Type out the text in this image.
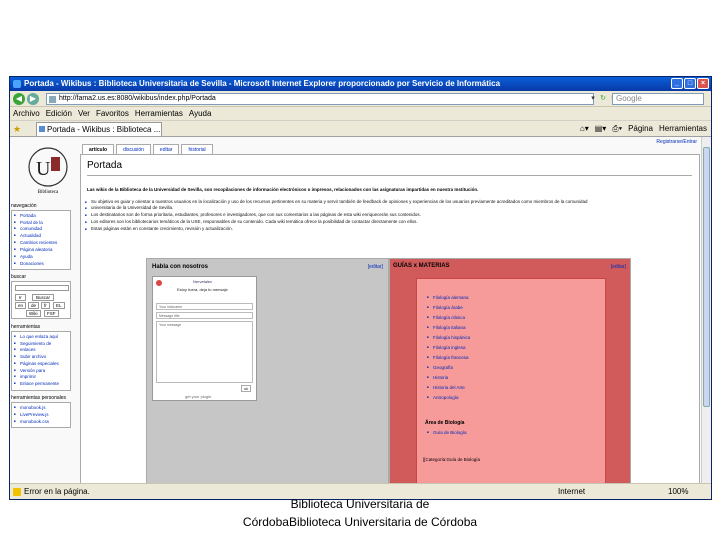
Portada - Wikibus : Biblioteca Universitaria de Sevilla - Microsoft Internet Explorer proporcionado por Servicio de Informática	_	□	×
◀ ▶	http://fama2.us.es:8080/wikibus/index.php/Portada	▾ ↻	Google
Archivo Edición Ver Favoritos Herramientas Ayuda
★	Portada - Wikibus : Biblioteca ...	⌂▾ ▤▾ ⎙▾ Página Herramientas
Registrarse/Entrar
U
Biblioteca
artículo	discusión	editar	historial
navegación
■ Portada
■ Portal de la
■ comunidad
■ Actualidad
■ Cambios recientes
■ Página aleatoria
■ Ayuda
■ Donaciones
buscar
Ir	Buscar
en	de	fr	EL
Wiki	FSF
herramientas
■ Lo que enlaza aquí
■ Seguimiento de
■ enlaces
■ Subir archivo
■ Páginas especiales
■ Versión para
■ imprimir
■ Enlace permanente
herramientas personales
■ monobook.js
■ LivePreview.js
■ monobook.css
Portada
Las wikis de la Biblioteca de la Universidad de Sevilla, son recopilaciones de información electrónicos o impresos, relacionados con las asignaturas impartidas en nuestra Institución.
■ Su objetivo es guiar y orientar a nuestros usuarios en la localización y uso de los recursos pertinentes en su materia y servir también de feedback de opiniones y experiencias de los usuarios previamente acreditados como miembros de la comunidad
■ universitaria de la Universidad de Sevilla.
■ Los destinatarios son de forma prioritaria, estudiantes, profesores e investigadores, que con sus comentarios a las páginas de esta wiki enriquecerán sus contenidos.
■ Los editores son los bibliotecarios temáticos de la USE, responsables de su contenido. Cada wiki temática ofrece la posibilidad de contactar directamente con ellos.
■ Estas páginas están en constante crecimiento, revisión y actualización.
Habla con nosotros	[editar]
Nervetalec
Estoy fuera, deja tu mensaje
Your nickname
Message title
Your message
ok
get your plugin
GUÍAS x MATERIAS	[editar]
■ Filología alemana
■ Filología árabe
■ Filología clásica
■ Filología italiana
■ Filología hispánica
■ Filología inglesa
■ Filología francesa
■ Geografía
■ Historia
■ Historia del Arte
■ Antropología
Área de Biología
■ Guía de Biología
[[Categoría:Guía de Biología
Error en la página.	Internet	100%
Biblioteca Universitaria de
CórdobaBiblioteca Universitaria de Córdoba
